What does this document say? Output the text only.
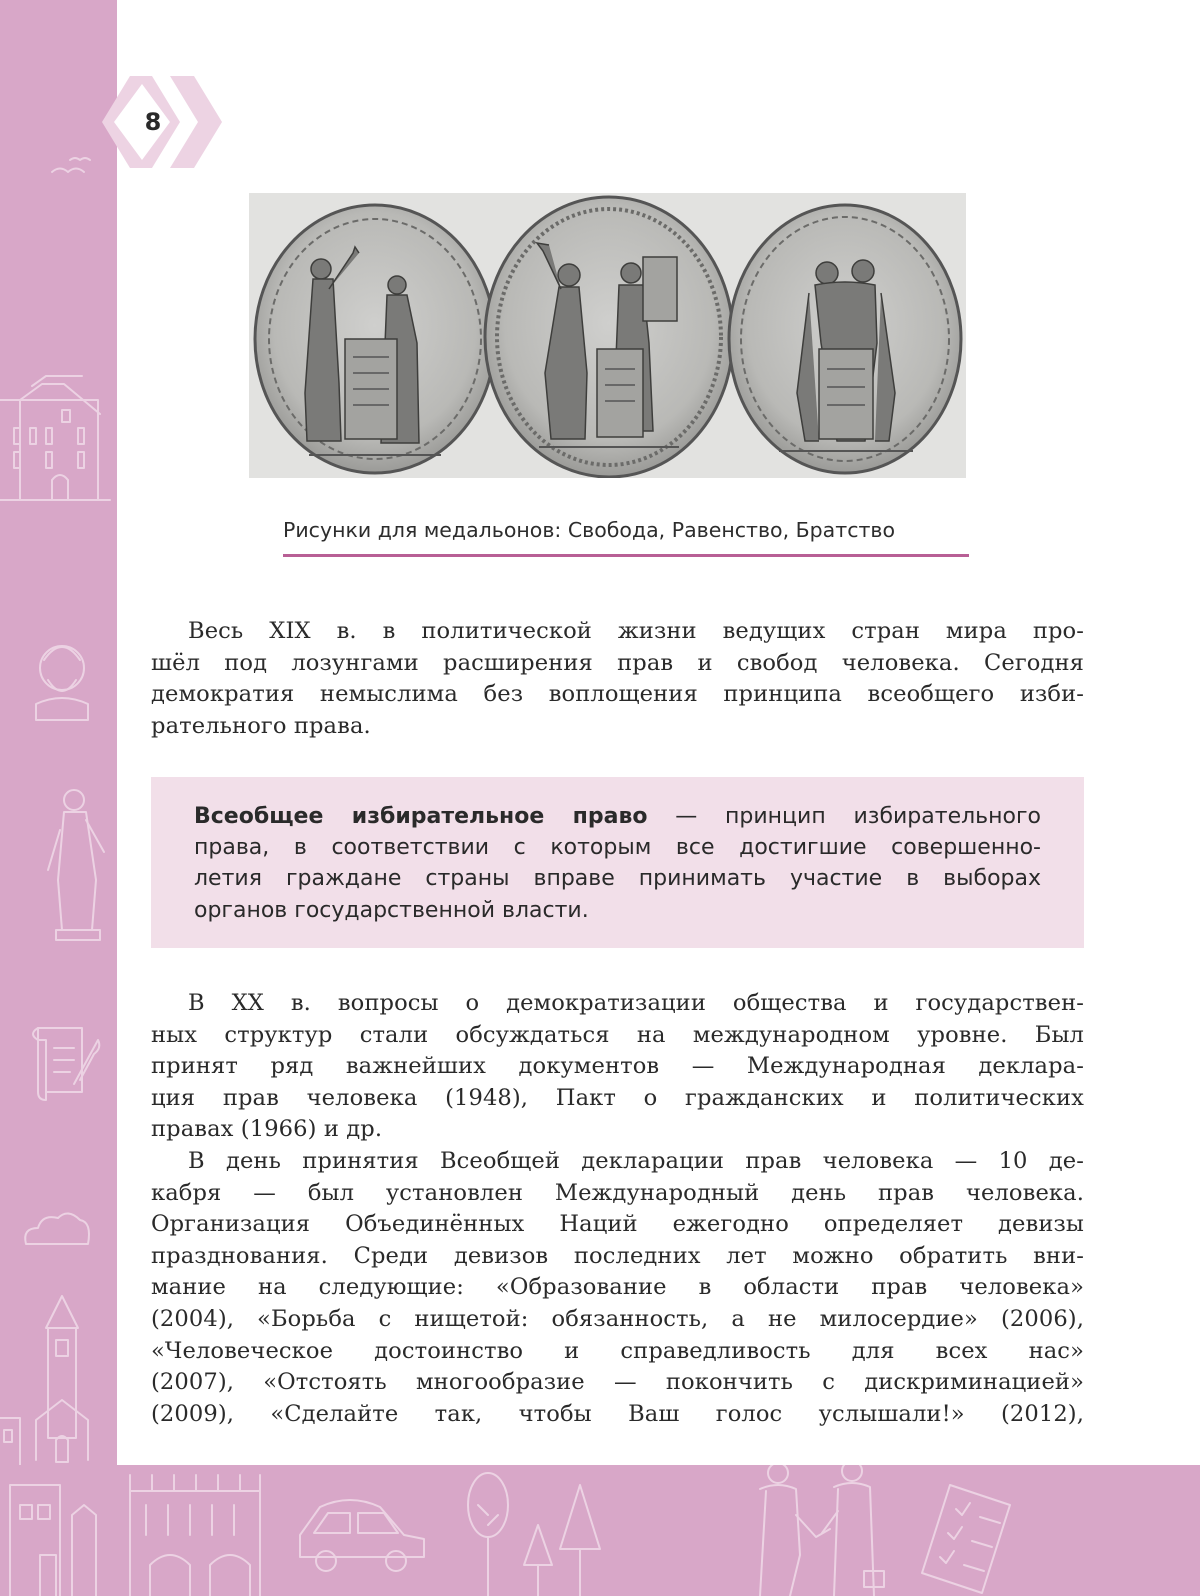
8
Рисунки для медальонов: Свобода, Равенство, Братство

Весь XIX в. в политической жизни ведущих стран мира про-
шёл под лозунгами расширения прав и свобод человека. Сегодня
демократия немыслима без воплощения принципа всеобщего изби-
рательного права.

Всеобщее избирательное право — принцип избирательного
права, в соответствии с которым все достигшие совершенно-
летия граждане страны вправе принимать участие в выборах
органов государственной власти.

В XX в. вопросы о демократизации общества и государствен-
ных структур стали обсуждаться на международном уровне. Был
принят ряд важнейших документов — Международная деклара-
ция прав человека (1948), Пакт о гражданских и политических
правах (1966) и др.

В день принятия Всеобщей декларации прав человека — 10 де-
кабря — был установлен Международный день прав человека.
Организация Объединённых Наций ежегодно определяет девизы
празднования. Среди девизов последних лет можно обратить вни-
мание на следующие: «Образование в области прав человека»
(2004), «Борьба с нищетой: обязанность, а не милосердие» (2006),
«Человеческое достоинство и справедливость для всех нас»
(2007), «Отстоять многообразие — покончить с дискриминацией»
(2009), «Сделайте так, чтобы Ваш голос услышали!» (2012),
